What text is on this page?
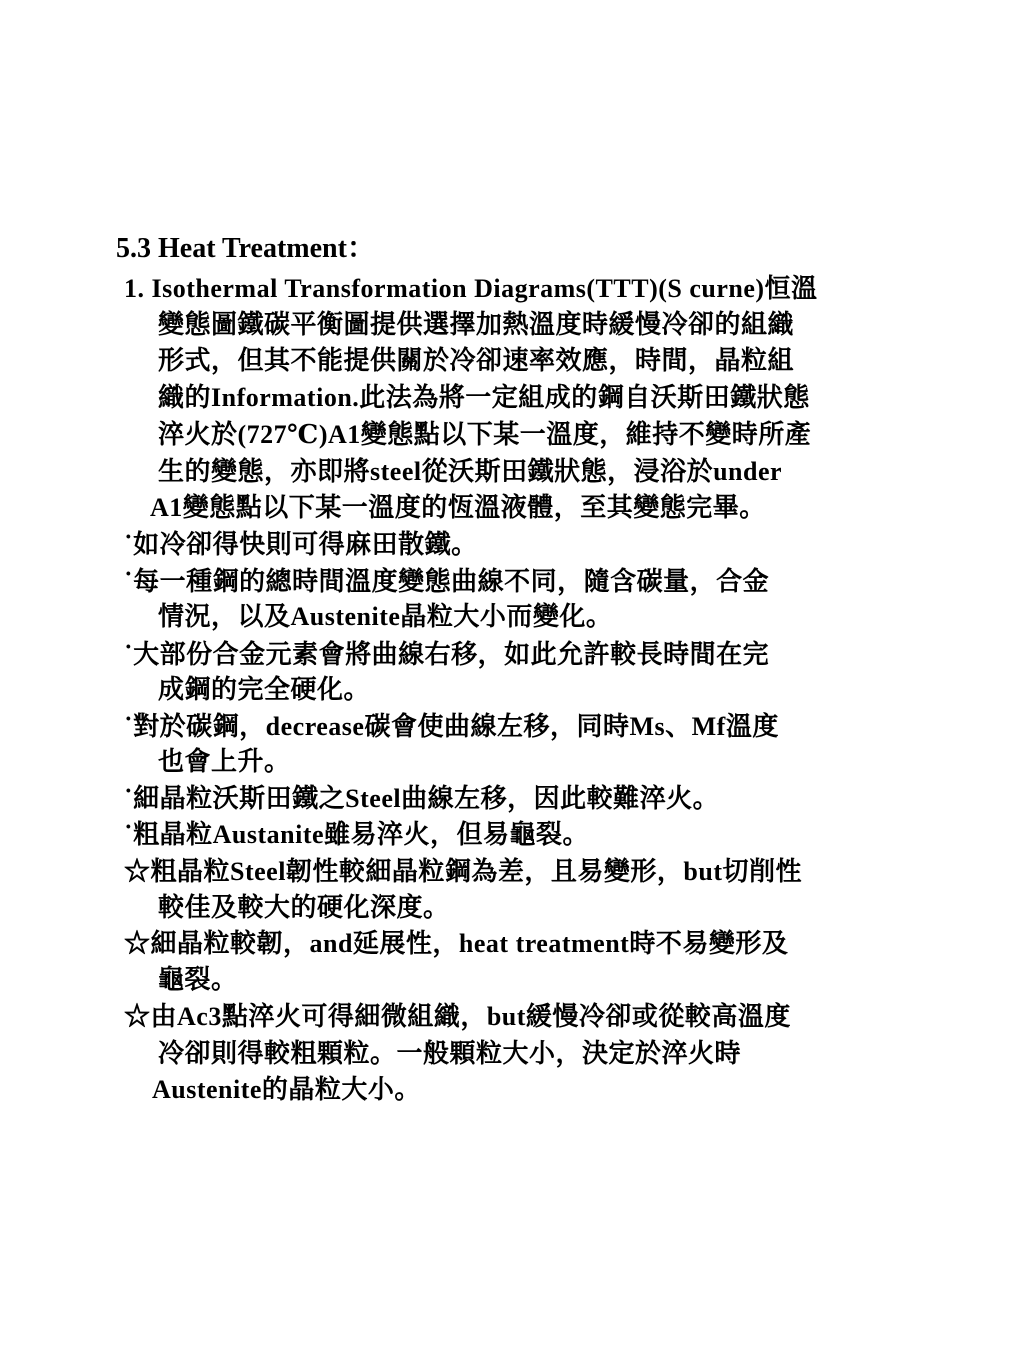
5.3 Heat Treatment：
1. Isothermal Transformation Diagrams(TTT)(S curne)恒溫
變態圖鐵碳平衡圖提供選擇加熱溫度時緩慢冷卻的組織
形式，但其不能提供關於冷卻速率效應，時間，晶粒組
織的Information.此法為將一定組成的鋼自沃斯田鐵狀態
淬火於(727℃)A1變態點以下某一溫度，維持不變時所產
生的變態，亦即將steel從沃斯田鐵狀態，浸浴於under
A1變態點以下某一溫度的恆溫液體，至其變態完畢。
˙如冷卻得快則可得麻田散鐵。
˙每一種鋼的總時間溫度變態曲線不同，隨含碳量，合金
情況，以及Austenite晶粒大小而變化。
˙大部份合金元素會將曲線右移，如此允許較長時間在完
成鋼的完全硬化。
˙對於碳鋼，decrease碳會使曲線左移，同時Ms、Mf溫度
也會上升。
˙細晶粒沃斯田鐵之Steel曲線左移，因此較難淬火。
˙粗晶粒Austanite雖易淬火，但易龜裂。
☆粗晶粒Steel韌性較細晶粒鋼為差，且易變形，but切削性
較佳及較大的硬化深度。
☆細晶粒較韌，and延展性，heat treatment時不易變形及
龜裂。
☆由Ac3點淬火可得細微組織，but緩慢冷卻或從較高溫度
冷卻則得較粗顆粒。一般顆粒大小，決定於淬火時
Austenite的晶粒大小。
